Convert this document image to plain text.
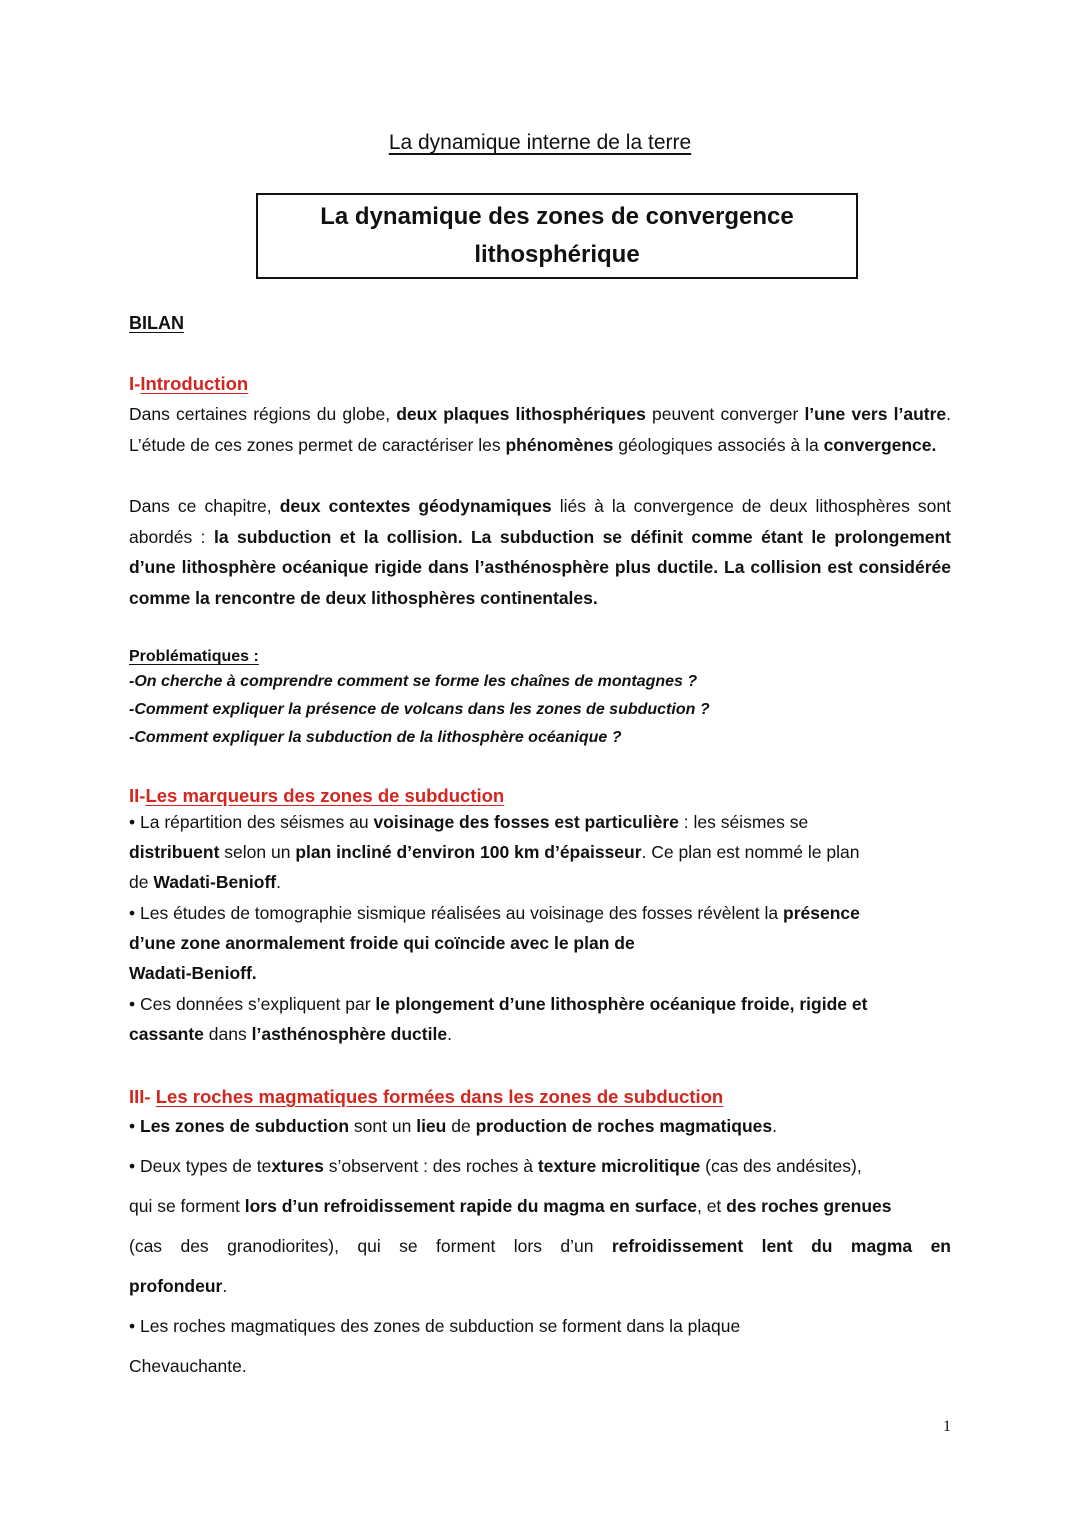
La dynamique interne de la terre
La dynamique des zones de convergence
lithosphérique
BILAN
I-Introduction

Dans certaines régions du globe, deux plaques lithosphériques peuvent converger l’une vers l’autre. L’étude de ces zones permet de caractériser les phénomènes géologiques associés à la convergence.

Dans ce chapitre, deux contextes géodynamiques liés à la convergence de deux lithosphères sont abordés : la subduction et la collision. La subduction se définit comme étant le prolongement d’une lithosphère océanique rigide dans l’asthénosphère plus ductile. La collision est considérée comme la rencontre de deux lithosphères continentales.

Problématiques :
-On cherche à comprendre comment se forme les chaînes de montagnes ?
-Comment expliquer la présence de volcans dans les zones de subduction ?
-Comment expliquer la subduction de la lithosphère océanique ?
II-Les marqueurs des zones de subduction
• La répartition des séismes au voisinage des fosses est particulière : les séismes se
distribuent selon un plan incliné d’environ 100 km d’épaisseur. Ce plan est nommé le plan
de Wadati-Benioff.
• Les études de tomographie sismique réalisées au voisinage des fosses révèlent la présence
d’une zone anormalement froide qui coïncide avec le plan de
Wadati-Benioff.
• Ces données s’expliquent par le plongement d’une lithosphère océanique froide, rigide et
cassante dans l’asthénosphère ductile.
III- Les roches magmatiques formées dans les zones de subduction
• Les zones de subduction sont un lieu de production de roches magmatiques.
• Deux types de textures s’observent : des roches à texture microlitique (cas des andésites),
qui se forment lors d’un refroidissement rapide du magma en surface, et des roches grenues
(cas des granodiorites), qui se forment lors d’un refroidissement lent du magma en
profondeur.
• Les roches magmatiques des zones de subduction se forment dans la plaque
Chevauchante.
1
